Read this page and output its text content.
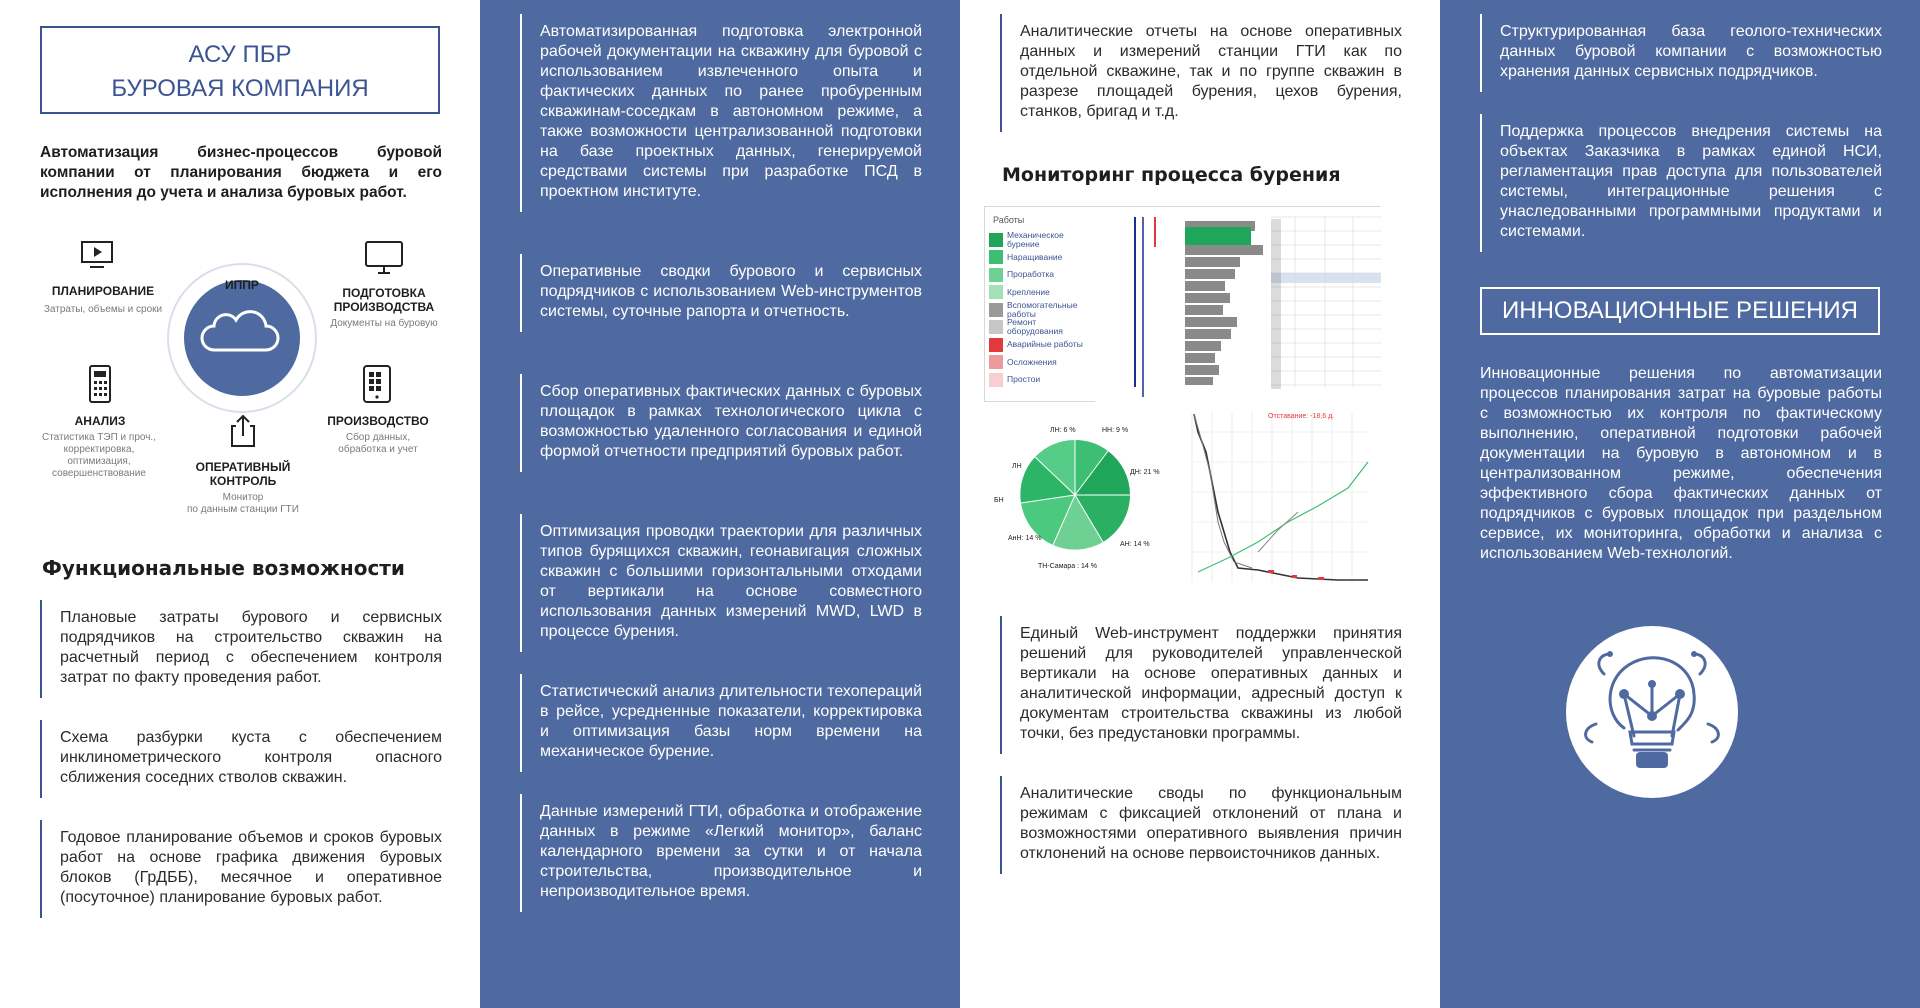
АСУ ПБР
БУРОВАЯ КОМПАНИЯ
Автоматизация бизнес-процессов буровой компании от планирования бюджета и его исполнения до учета и анализа буровых работ.
ИППР
ПЛАНИРОВАНИЕ
Затраты, объемы и сроки
ПОДГОТОВКА
ПРОИЗВОДСТВА
Документы на буровую
АНАЛИЗ
Статистика ТЭП и проч.,
корректировка,
оптимизация,
совершенствование
ПРОИЗВОДСТВО
Сбор данных,
обработка и учет
ОПЕРАТИВНЫЙ
КОНТРОЛЬ
Монитор
по данным станции ГТИ
Функциональные возможности
Плановые затраты бурового и сервисных подрядчиков на строительство скважин на расчетный период с обеспечением контроля затрат по факту проведения работ.
Схема разбурки куста с обеспечением инклинометрического контроля опасного сближения соседних стволов скважин.
Годовое планирование объемов и сроков буровых работ на основе графика движения буровых блоков (ГрДББ), месячное и оперативное (посуточное) планирование буровых работ.
Автоматизированная подготовка электронной рабочей документации на скважину для буровой с использованием извлеченного опыта и фактических данных по ранее пробуренным скважинам-соседкам в автономном режиме, а также возможности централизованной подготовки на базе проектных данных, генерируемой средствами системы при разработке ПСД в проектном институте.
Оперативные сводки бурового и сервисных подрядчиков с использованием Web-инструментов системы, суточные рапорта и отчетность.
Сбор оперативных фактических данных с буровых площадок в рамках технологического цикла с возможностью удаленного согласования и единой формой отчетности предприятий буровых работ.
Оптимизация проводки траектории для различных типов бурящихся скважин, геонавигация сложных скважин с большими горизонтальными отходами от вертикали на основе совместного использования данных измерений MWD, LWD в процессе бурения.
Статистический анализ длительности техопераций в рейсе, усредненные показатели, корректировка и оптимизация базы норм времени на механическое бурение.
Данные измерений ГТИ, обработка и отображение данных в режиме «Легкий монитор», баланс календарного времени за сутки и от начала строительства, производительное и непроизводительное время.
Аналитические отчеты на основе оперативных данных и измерений станции ГТИ как по отдельной скважине, так и по группе скважин в разрезе площадей бурения, цехов бурения, станков, бригад и т.д.
Мониторинг процесса бурения
Работы
Механическое бурение
Наращивание
Проработка
Крепление
Вспомогательные работы
Ремонт оборудования
Аварийные работы
Осложнения
Простои
ЛН: 6 %	НН: 9 %
ДН: 21 %
ЛН
БН
АнН: 14 %
АН: 14 %
ТН-Самара : 14 %
Отставание: -18,6 д.
Единый Web-инструмент поддержки принятия решений для руководителей управленческой вертикали на основе оперативных данных и аналитической информации, адресный доступ к документам строительства скважины из любой точки, без предустановки программы.
Аналитические своды по функциональным режимам с фиксацией отклонений от плана и возможностями оперативного выявления причин отклонений на основе первоисточников данных.
Структурированная база геолого-технических данных буровой компании с возможностью хранения данных сервисных подрядчиков.
Поддержка процессов внедрения системы на объектах Заказчика в рамках единой НСИ, регламентация прав доступа для пользователей системы, интеграционные решения с унаследованными программными продуктами и системами.
ИННОВАЦИОННЫЕ РЕШЕНИЯ
Инновационные решения по автоматизации процессов планирования затрат на буровые работы с возможностью их контроля по фактическому выполнению, оперативной подготовки рабочей документации на буровую в автономном и в централизованном режиме, обеспечения эффективного сбора фактических данных от подрядчиков с буровых площадок при раздельном сервисе, их мониторинга, обработки и анализа с использованием Web-технологий.
